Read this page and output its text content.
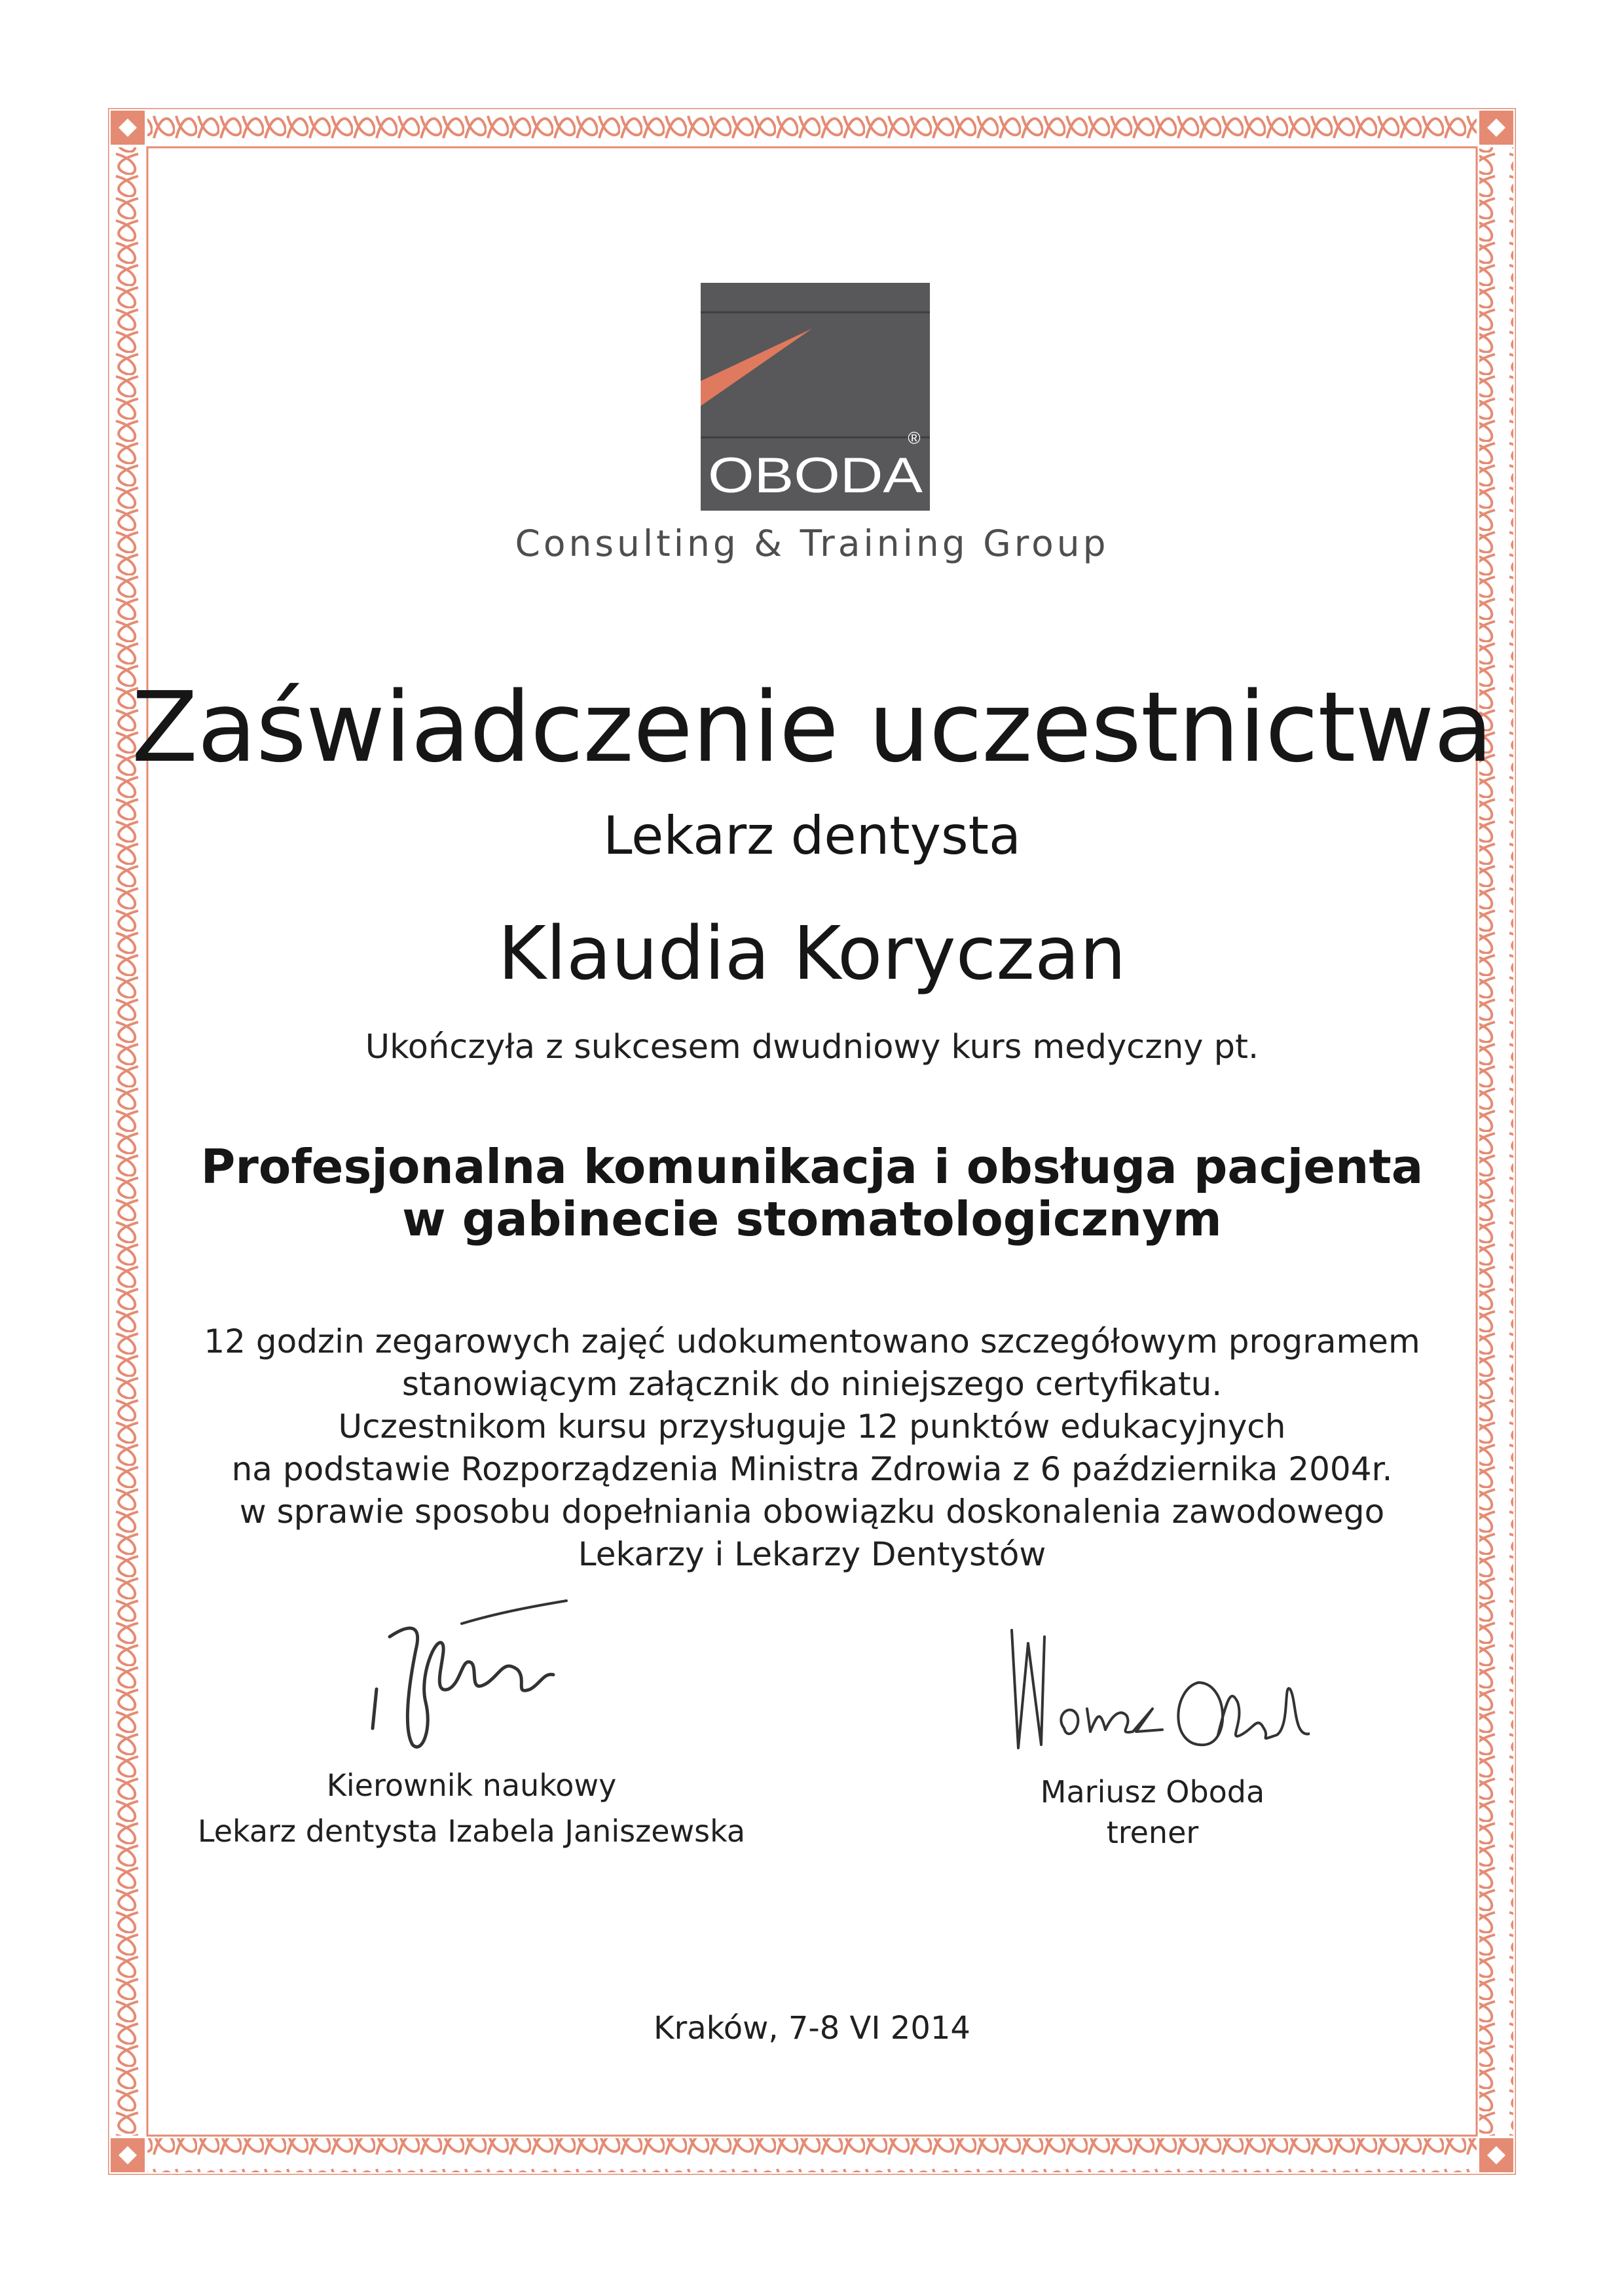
®
OBODA
Consulting & Training Group
Zaświadczenie uczestnictwa
Lekarz dentysta
Klaudia Koryczan
Ukończyła z sukcesem dwudniowy kurs medyczny pt.
Profesjonalna komunikacja i obsługa pacjenta
w gabinecie stomatologicznym
12 godzin zegarowych zajęć udokumentowano szczegółowym programem
stanowiącym załącznik do niniejszego certyfikatu.
Uczestnikom kursu przysługuje 12 punktów edukacyjnych
na podstawie Rozporządzenia Ministra Zdrowia z 6 października 2004r.
w sprawie sposobu dopełniania obowiązku doskonalenia zawodowego
Lekarzy i Lekarzy Dentystów
Kierownik naukowy
Lekarz dentysta Izabela Janiszewska
Mariusz Oboda
trener
Kraków, 7-8 VI 2014
